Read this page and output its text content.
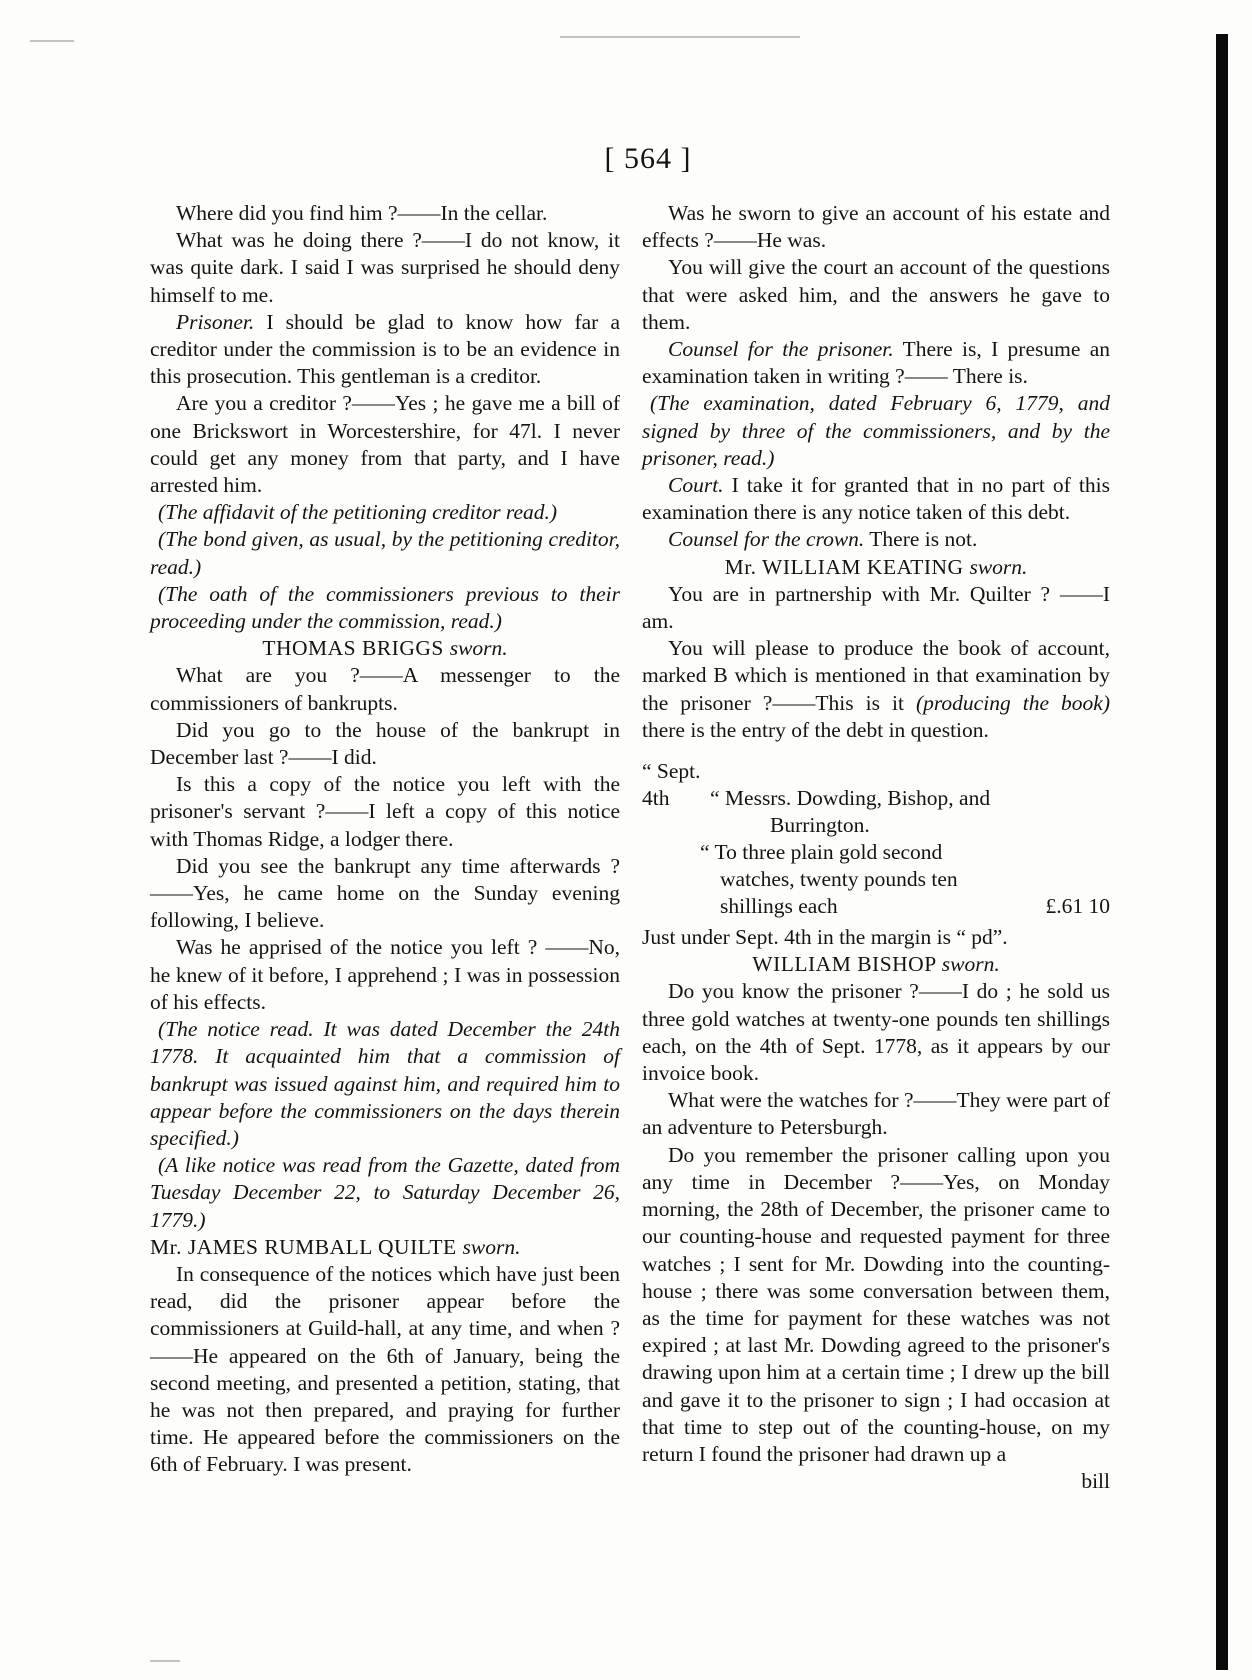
[ 564 ]

Where did you find him ?——In the cellar.

What was he doing there ?——I do not know, it was quite dark. I said I was surprised he should deny himself to me.

Prisoner. I should be glad to know how far a creditor under the commission is to be an evidence in this prosecution. This gentleman is a creditor.

Are you a creditor ?——Yes ; he gave me a bill of one Brickswort in Worcestershire, for 47l. I never could get any money from that party, and I have arrested him.

(The affidavit of the petitioning creditor read.)

(The bond given, as usual, by the petitioning creditor, read.)

(The oath of the commissioners previous to their proceeding under the commission, read.)

THOMAS BRIGGS sworn.

What are you ?——A messenger to the commissioners of bankrupts.

Did you go to the house of the bankrupt in December last ?——I did.

Is this a copy of the notice you left with the prisoner's servant ?——I left a copy of this notice with Thomas Ridge, a lodger there.

Did you see the bankrupt any time afterwards ?——Yes, he came home on the Sunday evening following, I believe.

Was he apprised of the notice you left ? ——No, he knew of it before, I apprehend ; I was in possession of his effects.

(The notice read. It was dated December the 24th 1778. It acquainted him that a commission of bankrupt was issued against him, and required him to appear before the commissioners on the days therein specified.)

(A like notice was read from the Gazette, dated from Tuesday December 22, to Saturday December 26, 1779.)

Mr. JAMES RUMBALL QUILTE sworn.

In consequence of the notices which have just been read, did the prisoner appear before the commissioners at Guild-hall, at any time, and when ?——He appeared on the 6th of January, being the second meeting, and presented a petition, stating, that he was not then prepared, and praying for further time. He appeared before the commissioners on the 6th of February. I was present.

Was he sworn to give an account of his estate and effects ?——He was.

You will give the court an account of the questions that were asked him, and the answers he gave to them.

Counsel for the prisoner. There is, I presume an examination taken in writing ?—— There is.

(The examination, dated February 6, 1779, and signed by three of the commissioners, and by the prisoner, read.)

Court. I take it for granted that in no part of this examination there is any notice taken of this debt.

Counsel for the crown. There is not.

Mr. WILLIAM KEATING sworn.

You are in partnership with Mr. Quilter ? ——I am.

You will please to produce the book of account, marked B which is mentioned in that examination by the prisoner ?——This is it (producing the book) there is the entry of the debt in question.

“ Sept.
4th “ Messrs. Dowding, Bishop, and
Burrington.
“ To three plain gold second
watches, twenty pounds ten
shillings each	£.61 10

Just under Sept. 4th in the margin is “ pd”.

WILLIAM BISHOP sworn.

Do you know the prisoner ?——I do ; he sold us three gold watches at twenty-one pounds ten shillings each, on the 4th of Sept. 1778, as it appears by our invoice book.

What were the watches for ?——They were part of an adventure to Petersburgh.

Do you remember the prisoner calling upon you any time in December ?——Yes, on Monday morning, the 28th of December, the prisoner came to our counting-house and requested payment for three watches ; I sent for Mr. Dowding into the counting-house ; there was some conversation between them, as the time for payment for these watches was not expired ; at last Mr. Dowding agreed to the prisoner's drawing upon him at a certain time ; I drew up the bill and gave it to the prisoner to sign ; I had occasion at that time to step out of the counting-house, on my return I found the prisoner had drawn up a

bill
